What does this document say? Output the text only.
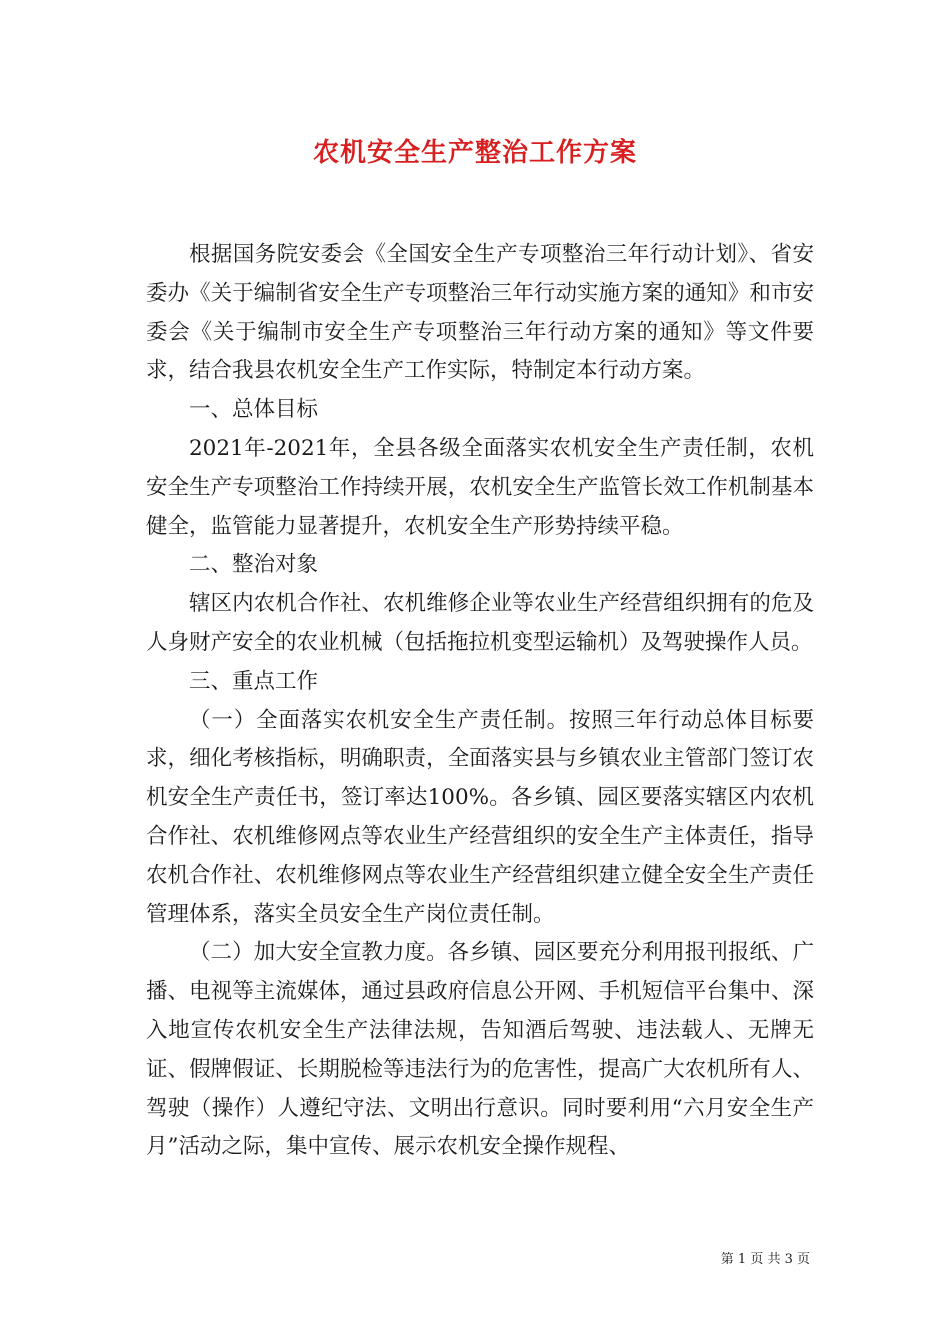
农机安全生产整治工作方案

根据国务院安委会《全国安全生产专项整治三年行动计划》、省安委办《关于编制省安全生产专项整治三年行动实施方案的通知》和市安委会《关于编制市安全生产专项整治三年行动方案的通知》等文件要求，结合我县农机安全生产工作实际，特制定本行动方案。

一、总体目标

2021年-2021年，全县各级全面落实农机安全生产责任制，农机安全生产专项整治工作持续开展，农机安全生产监管长效工作机制基本健全，监管能力显著提升，农机安全生产形势持续平稳。

二、整治对象

辖区内农机合作社、农机维修企业等农业生产经营组织拥有的危及人身财产安全的农业机械（包括拖拉机变型运输机）及驾驶操作人员。

三、重点工作

（一）全面落实农机安全生产责任制。按照三年行动总体目标要求，细化考核指标，明确职责，全面落实县与乡镇农业主管部门签订农机安全生产责任书，签订率达100%。各乡镇、园区要落实辖区内农机合作社、农机维修网点等农业生产经营组织的安全生产主体责任，指导农机合作社、农机维修网点等农业生产经营组织建立健全安全生产责任管理体系，落实全员安全生产岗位责任制。

（二）加大安全宣教力度。各乡镇、园区要充分利用报刊报纸、广播、电视等主流媒体，通过县政府信息公开网、手机短信平台集中、深入地宣传农机安全生产法律法规，告知酒后驾驶、违法载人、无牌无证、假牌假证、长期脱检等违法行为的危害性，提高广大农机所有人、驾驶（操作）人遵纪守法、文明出行意识。同时要利用“六月安全生产月”活动之际，集中宣传、展示农机安全操作规程、

第 1 页 共 3 页
